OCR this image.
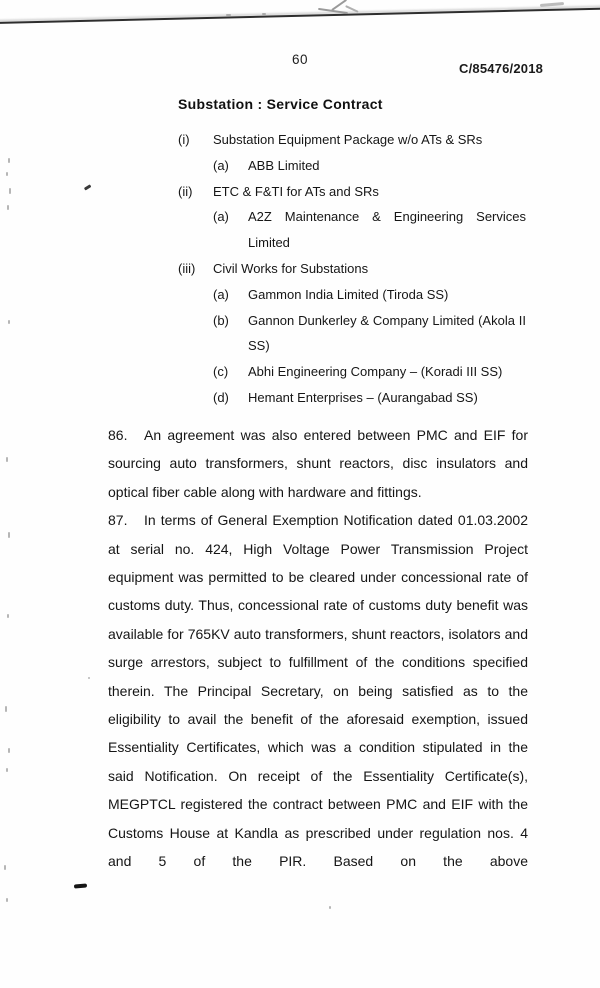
60
C/85476/2018
Substation : Service Contract
(i)	Substation Equipment Package w/o ATs & SRs
(a)	ABB Limited
(ii)	ETC & F&TI for ATs and SRs
(a)	A2Z Maintenance & Engineering Services Limited
(iii)	Civil Works for Substations
(a)	Gammon India Limited (Tiroda SS)
(b)	Gannon Dunkerley & Company Limited (Akola II SS)
(c)	Abhi Engineering Company – (Koradi III SS)
(d)	Hemant Enterprises – (Aurangabad SS)
86. An agreement was also entered between PMC and EIF for sourcing auto transformers, shunt reactors, disc insulators and optical fiber cable along with hardware and fittings.
87. In terms of General Exemption Notification dated 01.03.2002 at serial no. 424, High Voltage Power Transmission Project equipment was permitted to be cleared under concessional rate of customs duty. Thus, concessional rate of customs duty benefit was available for 765KV auto transformers, shunt reactors, isolators and surge arrestors, subject to fulfillment of the conditions specified therein. The Principal Secretary, on being satisfied as to the eligibility to avail the benefit of the aforesaid exemption, issued Essentiality Certificates, which was a condition stipulated in the said Notification. On receipt of the Essentiality Certificate(s), MEGPTCL registered the contract between PMC and EIF with the Customs House at Kandla as prescribed under regulation nos. 4 and 5 of the PIR. Based on the above
